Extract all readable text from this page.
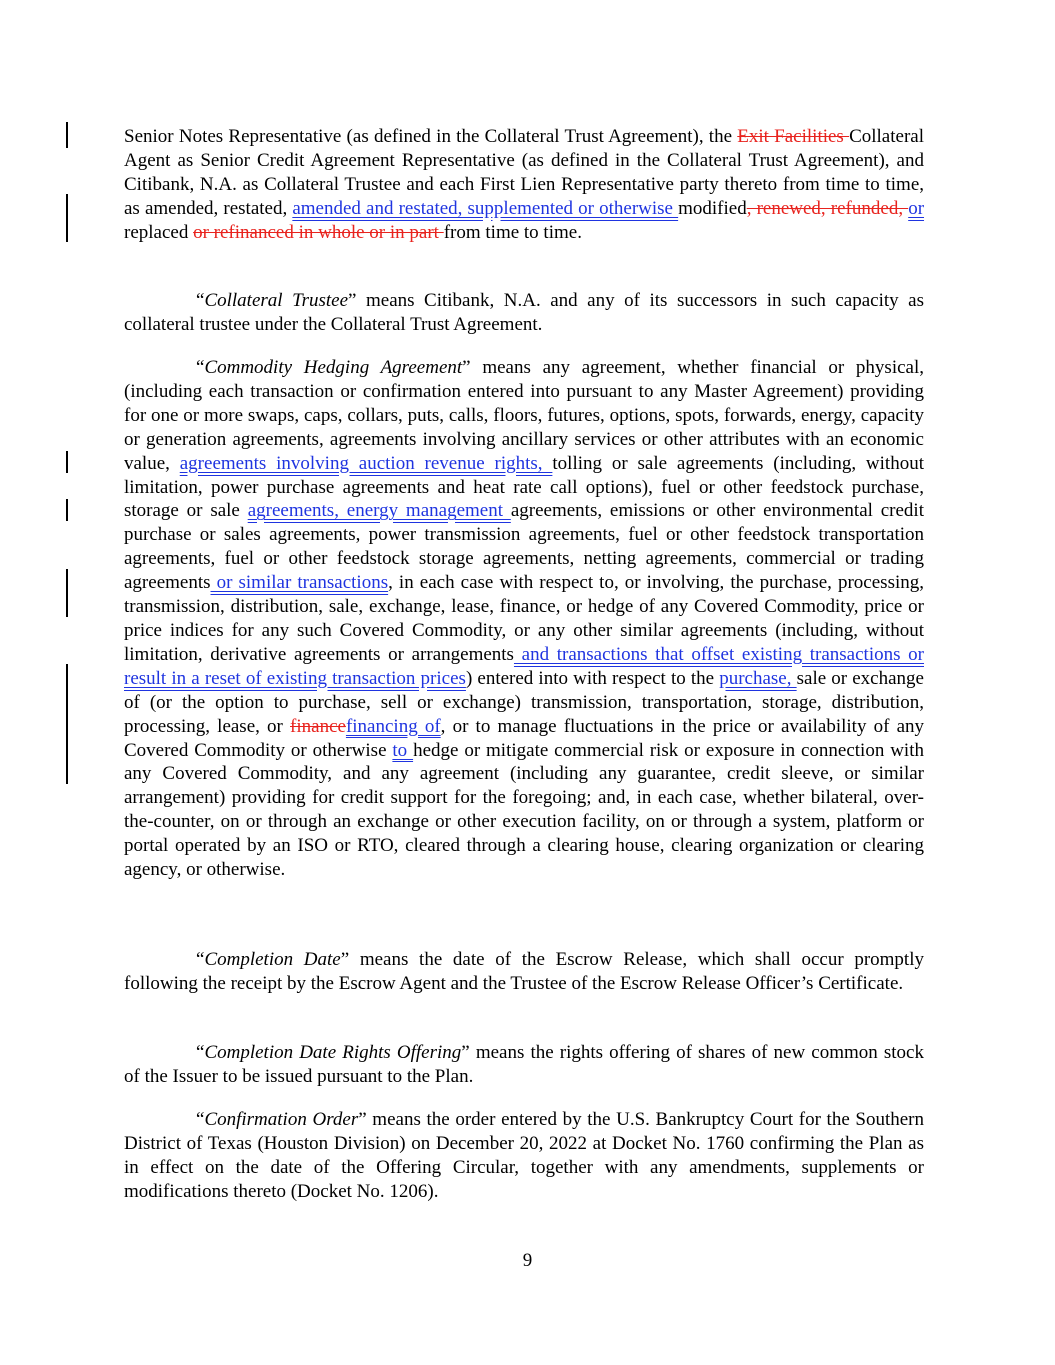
Senior Notes Representative (as defined in the Collateral Trust Agreement), the Exit Facilities Collateral Agent as Senior Credit Agreement Representative (as defined in the Collateral Trust Agreement), and Citibank, N.A. as Collateral Trustee and each First Lien Representative party thereto from time to time, as amended, restated, amended and restated, supplemented or otherwise modified, renewed, refunded, or replaced or refinanced in whole or in part from time to time.

“Collateral Trustee” means Citibank, N.A. and any of its successors in such capacity as collateral trustee under the Collateral Trust Agreement.

“Commodity Hedging Agreement” means any agreement, whether financial or physical, (including each transaction or confirmation entered into pursuant to any Master Agreement) providing for one or more swaps, caps, collars, puts, calls, floors, futures, options, spots, forwards, energy, capacity or generation agreements, agreements involving ancillary services or other attributes with an economic value, agreements involving auction revenue rights, tolling or sale agreements (including, without limitation, power purchase agreements and heat rate call options), fuel or other feedstock purchase, storage or sale agreements, energy management agreements, emissions or other environmental credit purchase or sales agreements, power transmission agreements, fuel or other feedstock transportation agreements, fuel or other feedstock storage agreements, netting agreements, commercial or trading agreements or similar transactions, in each case with respect to, or involving, the purchase, processing, transmission, distribution, sale, exchange, lease, finance, or hedge of any Covered Commodity, price or price indices for any such Covered Commodity, or any other similar agreements (including, without limitation, derivative agreements or arrangements and transactions that offset existing transactions or result in a reset of existing transaction prices) entered into with respect to the purchase, sale or exchange of (or the option to purchase, sell or exchange) transmission, transportation, storage, distribution, processing, lease, or financefinancing of, or to manage fluctuations in the price or availability of any Covered Commodity or otherwise to hedge or mitigate commercial risk or exposure in connection with any Covered Commodity, and any agreement (including any guarantee, credit sleeve, or similar arrangement) providing for credit support for the foregoing; and, in each case, whether bilateral, over-the-counter, on or through an exchange or other execution facility, on or through a system, platform or portal operated by an ISO or RTO, cleared through a clearing house, clearing organization or clearing agency, or otherwise.

“Completion Date” means the date of the Escrow Release, which shall occur promptly following the receipt by the Escrow Agent and the Trustee of the Escrow Release Officer’s Certificate.

“Completion Date Rights Offering” means the rights offering of shares of new common stock of the Issuer to be issued pursuant to the Plan.

“Confirmation Order” means the order entered by the U.S. Bankruptcy Court for the Southern District of Texas (Houston Division) on December 20, 2022 at Docket No. 1760 confirming the Plan as in effect on the date of the Offering Circular, together with any amendments, supplements or modifications thereto (Docket No. 1206).

9
